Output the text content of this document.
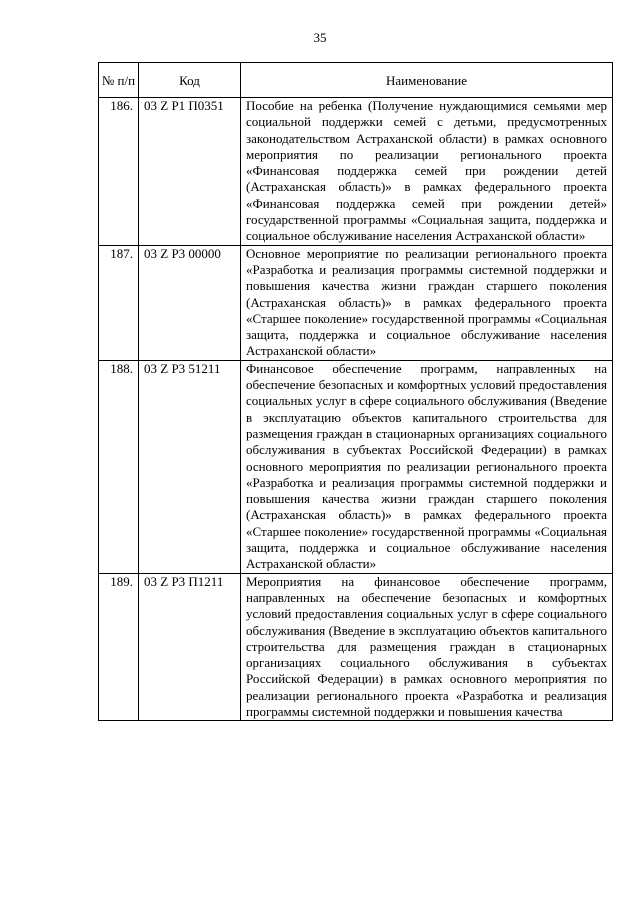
35
№ п/п	Код	Наименование
186.	03 Z P1 П0351	Пособие на ребенка (Получение нуждающимися семьями мер социальной поддержки семей с детьми, предусмотренных законодательством Астраханской области) в рамках основного мероприятия по реализации регионального проекта «Финансовая поддержка семей при рождении детей (Астраханская область)» в рамках федерального проекта «Финансовая поддержка семей при рождении детей» государственной программы «Социальная защита, поддержка и социальное обслуживание населения Астраханской области»
187.	03 Z P3 00000	Основное мероприятие по реализации регионального проекта «Разработка и реализация программы системной поддержки и повышения качества жизни граждан старшего поколения (Астраханская область)» в рамках федерального проекта «Старшее поколение» государственной программы «Социальная защита, поддержка и социальное обслуживание населения Астраханской области»
188.	03 Z P3 51211	Финансовое обеспечение программ, направленных на обеспечение безопасных и комфортных условий предоставления социальных услуг в сфере социального обслуживания (Введение в эксплуатацию объектов капитального строительства для размещения граждан в стационарных организациях социального обслуживания в субъектах Российской Федерации) в рамках основного мероприятия по реализации регионального проекта «Разработка и реализация программы системной поддержки и повышения качества жизни граждан старшего поколения (Астраханская область)» в рамках федерального проекта «Старшее поколение» государственной программы «Социальная защита, поддержка и социальное обслуживание населения Астраханской области»
189.	03 Z P3 П1211	Мероприятия на финансовое обеспечение программ, направленных на обеспечение безопасных и комфортных условий предоставления социальных услуг в сфере социального обслуживания (Введение в эксплуатацию объектов капитального строительства для размещения граждан в стационарных организациях социального обслуживания в субъектах Российской Федерации) в рамках основного мероприятия по реализации регионального проекта «Разработка и реализация программы системной поддержки и повышения качества
